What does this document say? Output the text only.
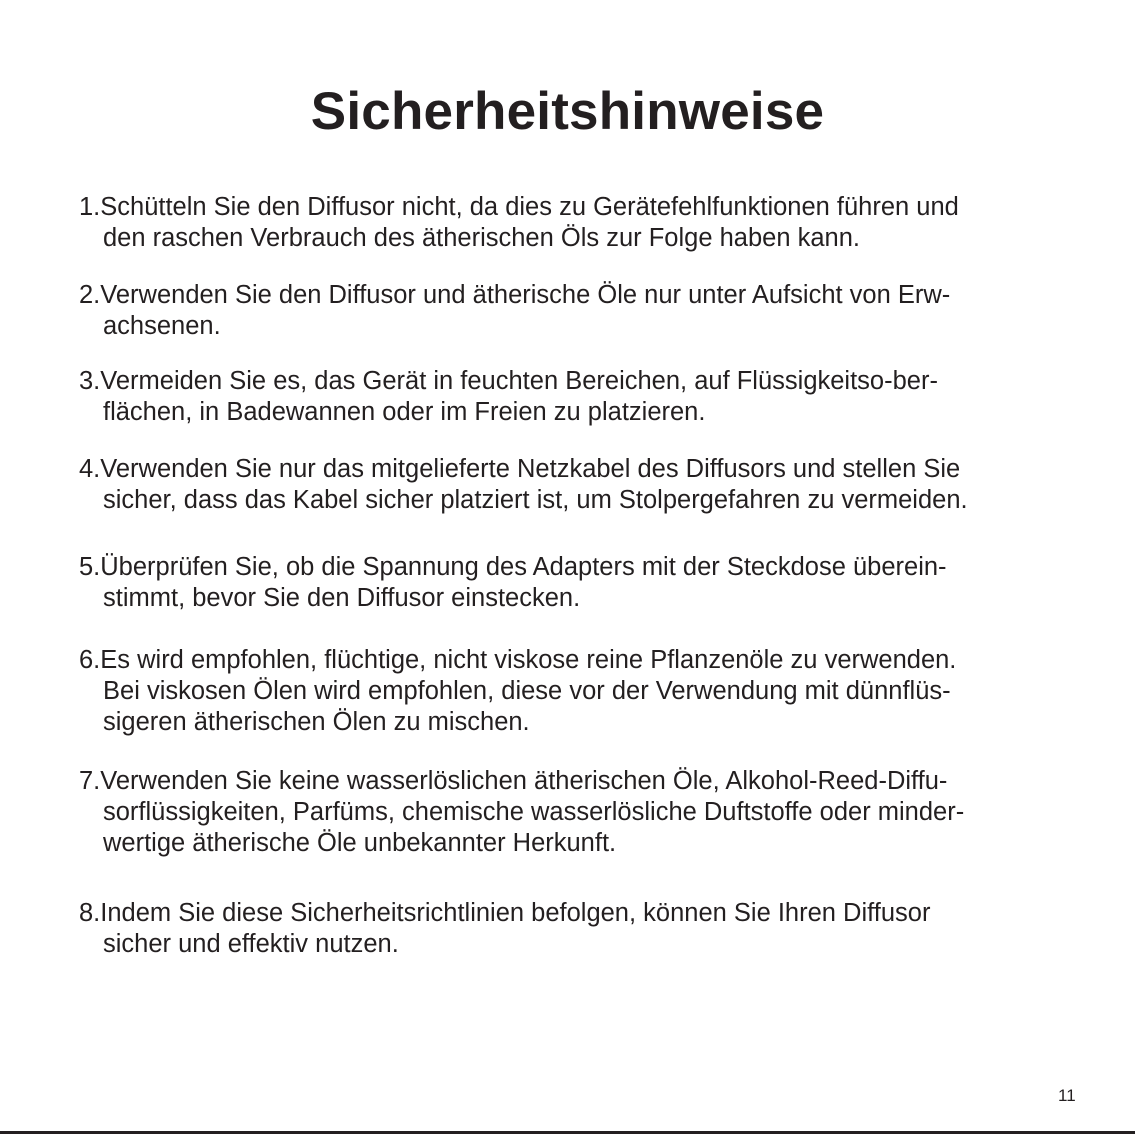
Sicherheitshinweise
1.Schütteln Sie den Diffusor nicht, da dies zu Gerätefehlfunktionen führen und
den raschen Verbrauch des ätherischen Öls zur Folge haben kann.
2.Verwenden Sie den Diffusor und ätherische Öle nur unter Aufsicht von Erw-
achsenen.
3.Vermeiden Sie es, das Gerät in feuchten Bereichen, auf Flüssigkeitso-ber-
flächen, in Badewannen oder im Freien zu platzieren.
4.Verwenden Sie nur das mitgelieferte Netzkabel des Diffusors und stellen Sie
sicher, dass das Kabel sicher platziert ist, um Stolpergefahren zu vermeiden.
5.Überprüfen Sie, ob die Spannung des Adapters mit der Steckdose überein-
stimmt, bevor Sie den Diffusor einstecken.
6.Es wird empfohlen, flüchtige, nicht viskose reine Pflanzenöle zu verwenden.
Bei viskosen Ölen wird empfohlen, diese vor der Verwendung mit dünnflüs-
sigeren ätherischen Ölen zu mischen.
7.Verwenden Sie keine wasserlöslichen ätherischen Öle, Alkohol-Reed-Diffu-
sorflüssigkeiten, Parfüms, chemische wasserlösliche Duftstoffe oder minder-
wertige ätherische Öle unbekannter Herkunft.
8.Indem Sie diese Sicherheitsrichtlinien befolgen, können Sie Ihren Diffusor
sicher und effektiv nutzen.
11
